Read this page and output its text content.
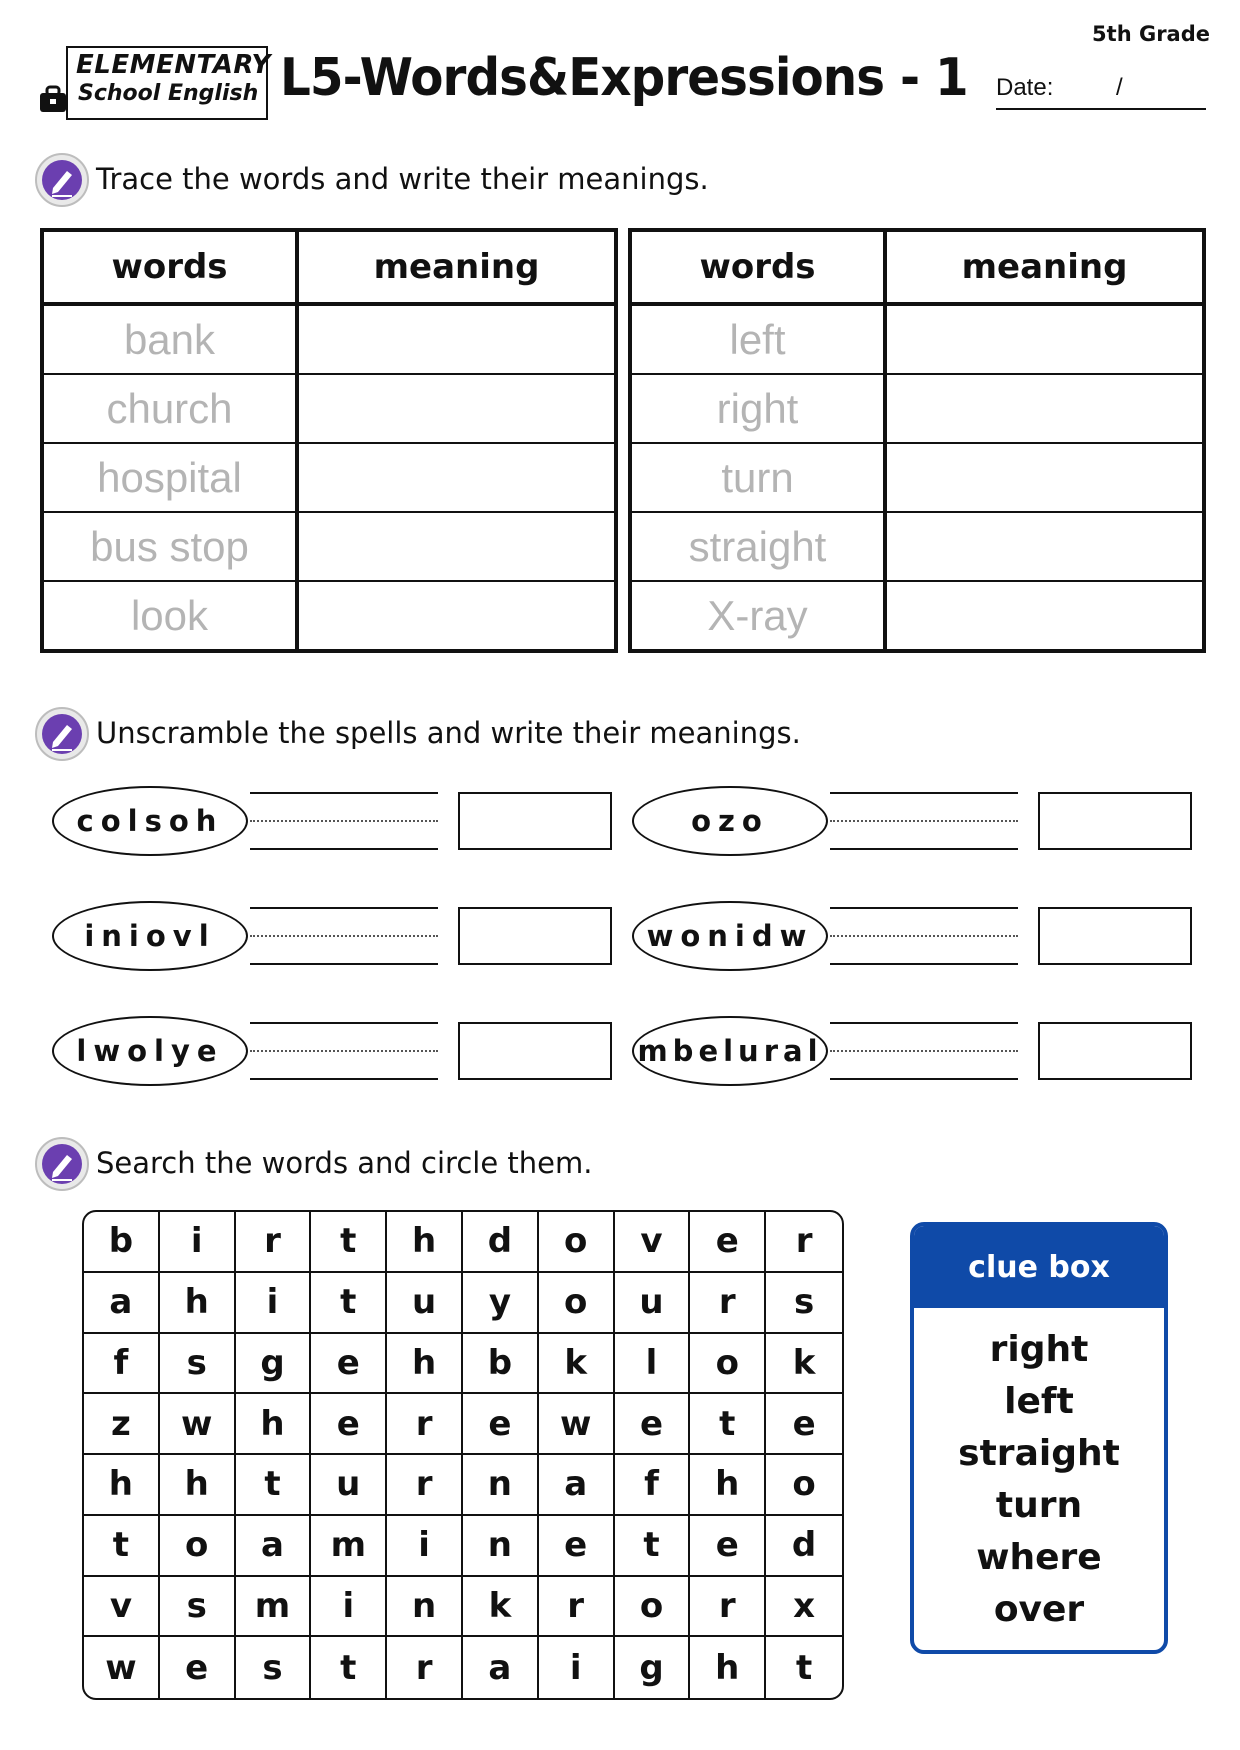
ELEMENTARY
School English L5-Words&Expressions - 1
5th Grade
Date:	/
Trace the words and write their meanings.
words	meaning
bank	
church	
hospital	
bus stop	
look	
words	meaning
left	
right	
turn	
straight	
X-ray	
Unscramble the spells and write their meanings.
colsoh
iniovl
lwolye
ozo
wonidw
mbelural
Search the words and circle them.
b	i	r	t	h	d	o	v	e	r
a	h	i	t	u	y	o	u	r	s
f	s	g	e	h	b	k	l	o	k
z	w	h	e	r	e	w	e	t	e
h	h	t	u	r	n	a	f	h	o
t	o	a	m	i	n	e	t	e	d
v	s	m	i	n	k	r	o	r	x
w	e	s	t	r	a	i	g	h	t
clue box
right
left
straight
turn
where
over
